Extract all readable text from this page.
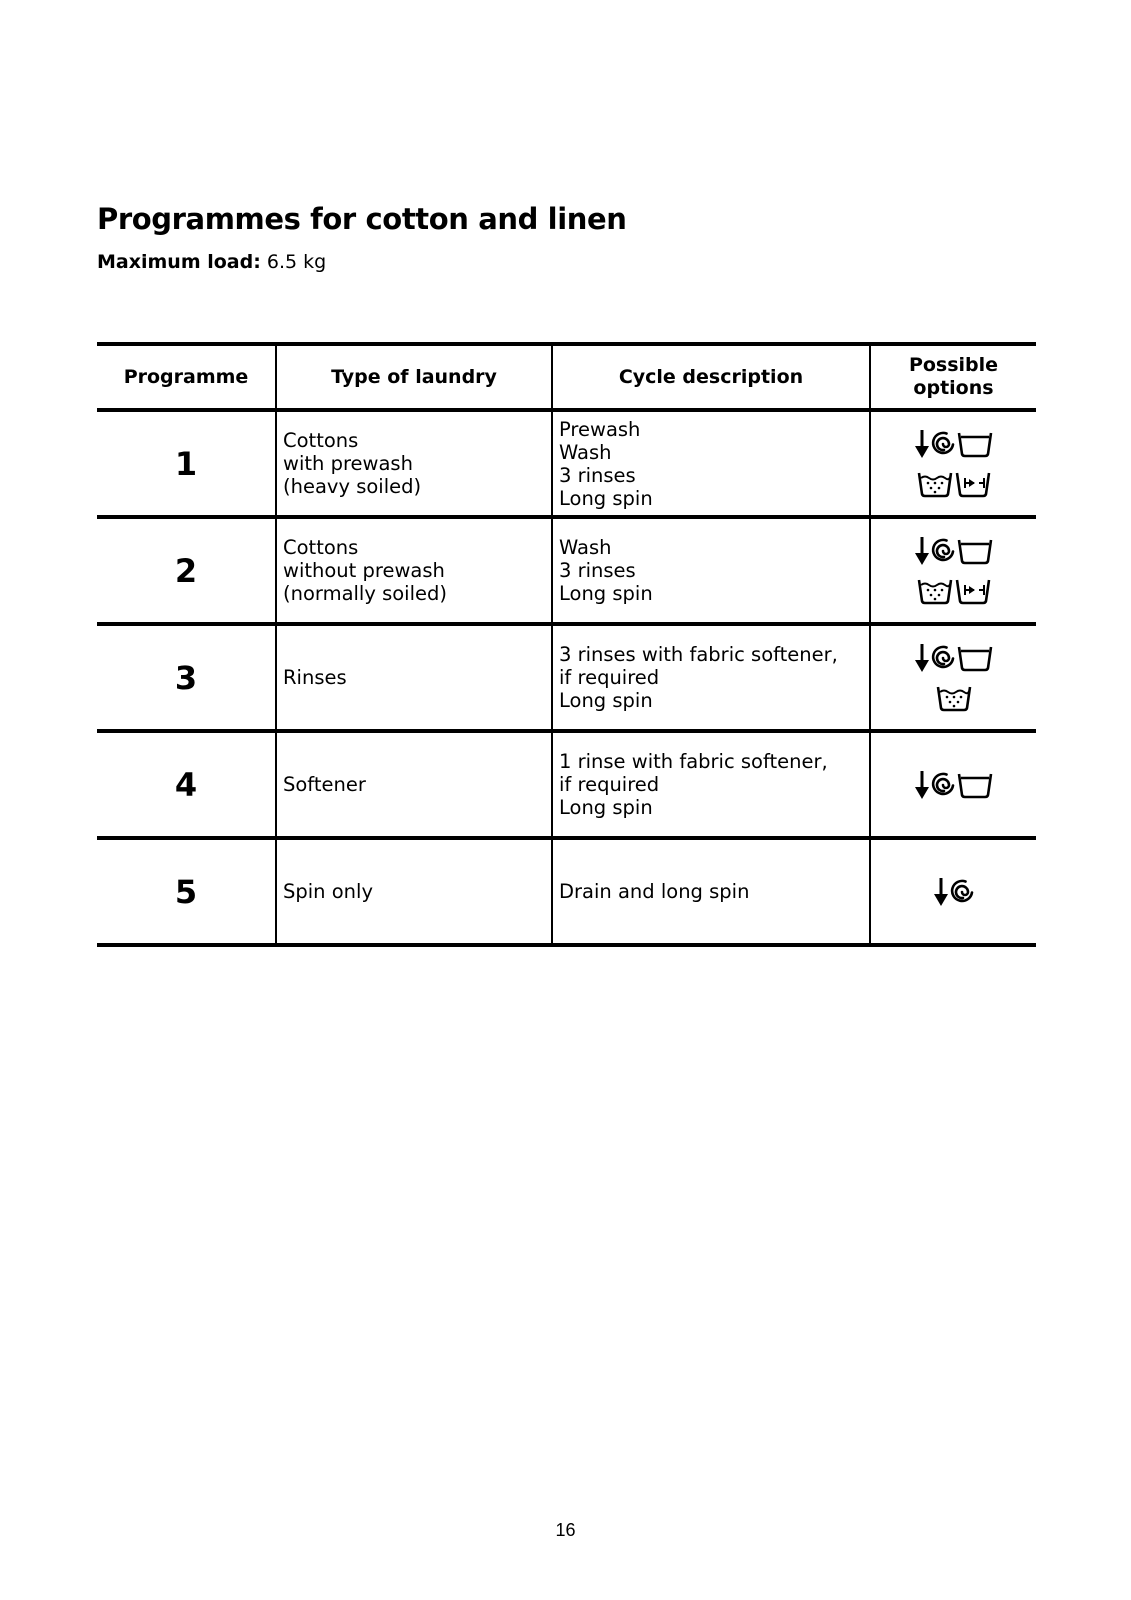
Programmes for cotton and linen
Maximum load: 6.5 kg
Programme	Type of laundry	Cycle description	Possible options
1	Cottons
with prewash
(heavy soiled)	Prewash
Wash
3 rinses
Long spin

2	Cottons
without prewash
(normally soiled)	Wash
3 rinses
Long spin

3	Rinses	3 rinses with fabric softener,
if required
Long spin

4	Softener	1 rinse with fabric softener,
if required
Long spin

5	Spin only	Drain and long spin

16
